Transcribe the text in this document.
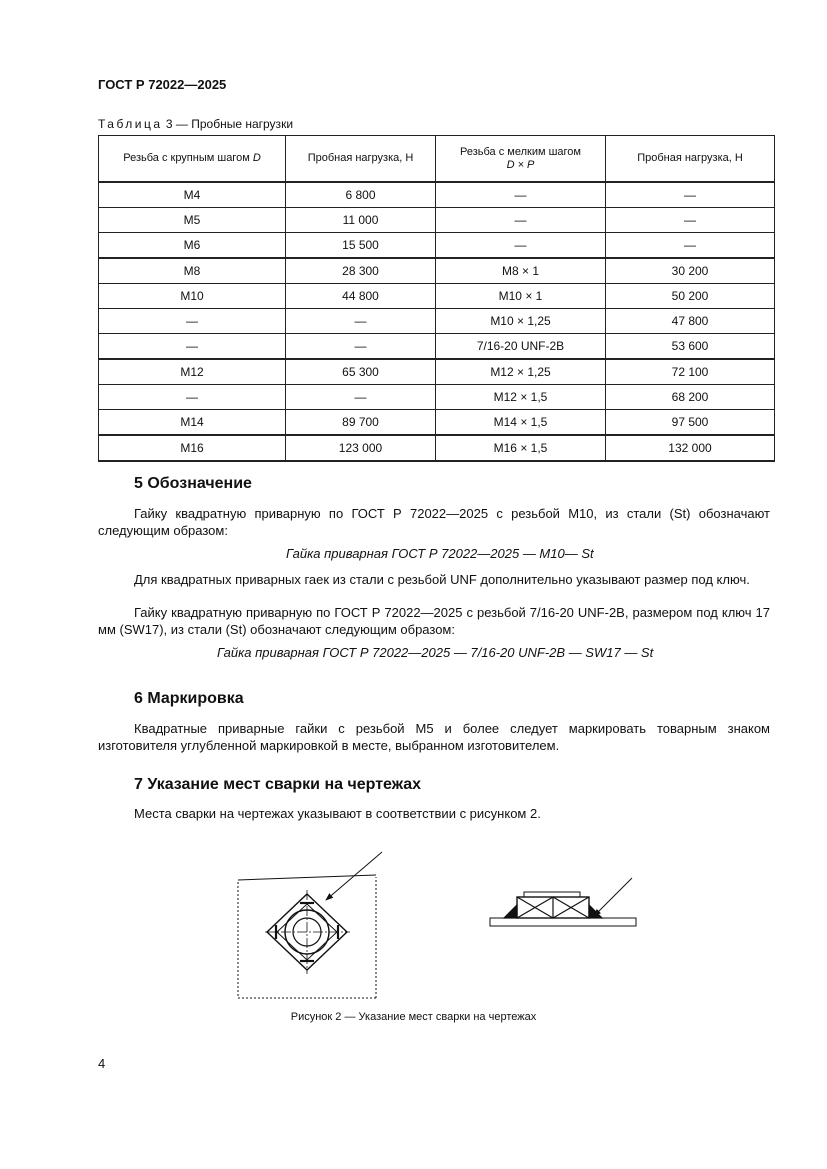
ГОСТ Р 72022—2025
Таблица 3 — Пробные нагрузки
Резьба с крупным шагом D	Пробная нагрузка, Н	Резьба с мелким шагом
D × P	Пробная нагрузка, Н
M4	6 800	—	—
M5	11 000	—	—
M6	15 500	—	—
M8	28 300	M8 × 1	30 200
M10	44 800	M10 × 1	50 200
—	—	M10 × 1,25	47 800
—	—	7/16-20 UNF-2B	53 600
M12	65 300	M12 × 1,25	72 100
—	—	M12 × 1,5	68 200
M14	89 700	M14 × 1,5	97 500
M16	123 000	M16 × 1,5	132 000
5 Обозначение
Гайку квадратную приварную по ГОСТ Р 72022—2025 с резьбой М10, из стали (St) обозначают следующим образом:
Гайка приварная ГОСТ Р 72022—2025 — M10— St
Для квадратных приварных гаек из стали с резьбой UNF дополнительно указывают размер под ключ.
Гайку квадратную приварную по ГОСТ Р 72022—2025 с резьбой 7/16-20 UNF-2B, размером под ключ 17 мм (SW17), из стали (St) обозначают следующим образом:
Гайка приварная ГОСТ Р 72022—2025 — 7/16-20 UNF-2B — SW17 — St
6 Маркировка
Квадратные приварные гайки с резьбой M5 и более следует маркировать товарным знаком изготовителя углубленной маркировкой в месте, выбранном изготовителем.
7 Указание мест сварки на чертежах
Места сварки на чертежах указывают в соответствии с рисунком 2.
Рисунок 2 — Указание мест сварки на чертежах
4
